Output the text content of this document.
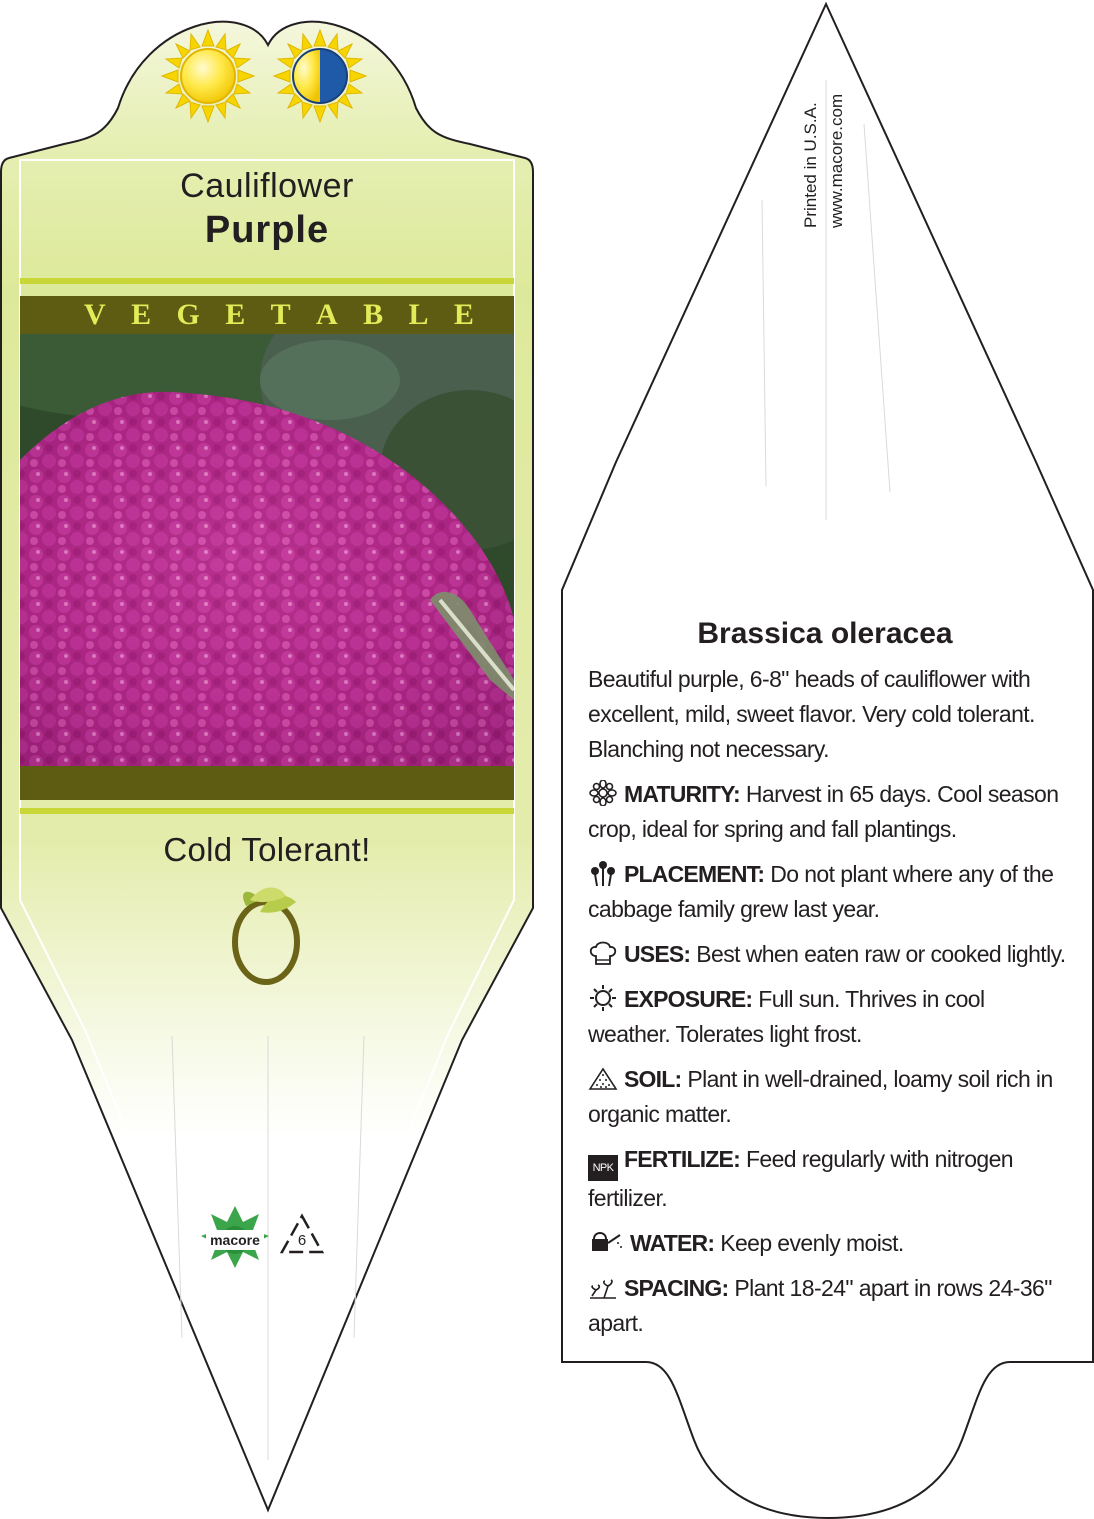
Cauliflower

Purple

V E G E T A B L E

Cold Tolerant!

macore	6
Printed in U.S.A. www.macore.com

Brassica oleracea

Beautiful purple, 6-8" heads of cauliflower with excellent, mild, sweet flavor. Very cold tolerant. Blanching not necessary.

MATURITY: Harvest in 65 days. Cool season crop, ideal for spring and fall plantings.
PLACEMENT: Do not plant where any of the cabbage family grew last year.
USES: Best when eaten raw or cooked lightly.
EXPOSURE: Full sun. Thrives in cool weather. Tolerates light frost.
SOIL: Plant in well-drained, loamy soil rich in organic matter.
NPK FERTILIZE: Feed regularly with nitrogen fertilizer.
WATER: Keep evenly moist.
SPACING: Plant 18-24" apart in rows 24-36" apart.
